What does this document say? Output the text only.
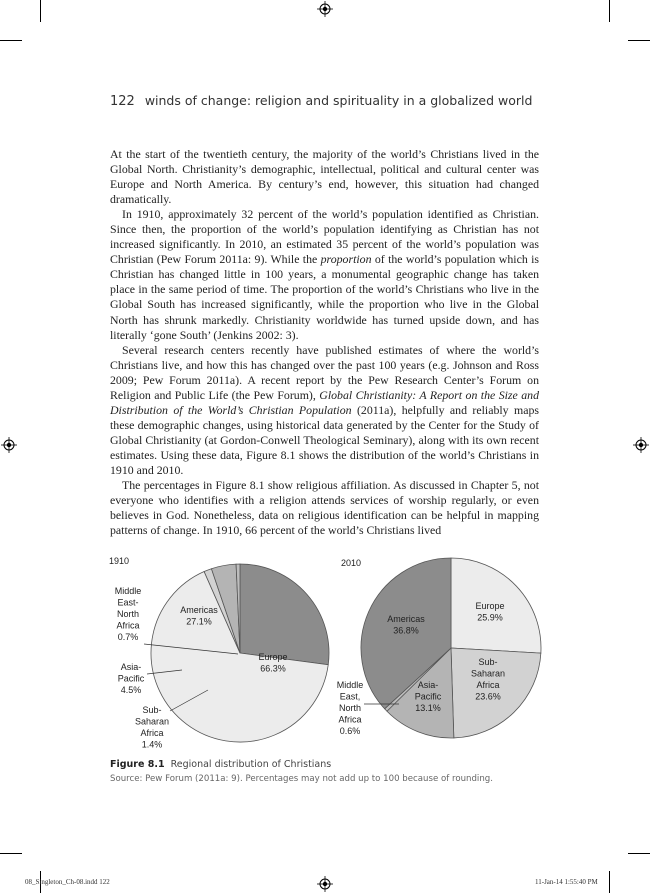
122 winds of change: religion and spirituality in a globalized world

At the start of the twentieth century, the majority of the world’s Christians lived in the Global North. Christianity’s demographic, intellectual, political and cultural center was Europe and North America. By century’s end, however, this situation had changed dramatically.

In 1910, approximately 32 percent of the world’s population identified as Christian. Since then, the proportion of the world’s population identifying as Christian has not increased significantly. In 2010, an estimated 35 percent of the world’s population was Christian (Pew Forum 2011a: 9). While the proportion of the world’s population which is Christian has changed little in 100 years, a monumental geographic change has taken place in the same period of time. The proportion of the world’s Christians who live in the Global South has increased significantly, while the proportion who live in the Global North has shrunk markedly. Christianity worldwide has turned upside down, and has literally ‘gone South’ (Jenkins 2002: 3).

Several research centers recently have published estimates of where the world’s Christians live, and how this has changed over the past 100 years (e.g. Johnson and Ross 2009; Pew Forum 2011a). A recent report by the Pew Research Center’s Forum on Religion and Public Life (the Pew Forum), Global Christianity: A Report on the Size and Distribution of the World’s Christian Population (2011a), helpfully and reliably maps these demographic changes, using historical data generated by the Center for the Study of Global Christianity (at Gordon-Conwell Theological Seminary), along with its own recent estimates. Using these data, Figure 8.1 shows the distribution of the world’s Christians in 1910 and 2010.

The percentages in Figure 8.1 show religious affiliation. As discussed in Chapter 5, not everyone who identifies with a religion attends services of worship regularly, or even believes in God. Nonetheless, data on religious identification can be helpful in mapping patterns of change. In 1910, 66 percent of the world’s Christians lived

1910
Americas 27.1%
Europe 66.3%
Sub-Saharan Africa 1.4%
Asia-Pacific 4.5%
Middle East-North Africa 0.7%
2010
Europe 25.9%
Sub-Saharan Africa 23.6%
Asia-Pacific 13.1%
Middle East, North Africa 0.6%
Americas 36.8%
Figure 8.1 Regional distribution of Christians
Source: Pew Forum (2011a: 9). Percentages may not add up to 100 because of rounding.
08_Singleton_Ch-08.indd 122	11-Jan-14 1:55:40 PM
